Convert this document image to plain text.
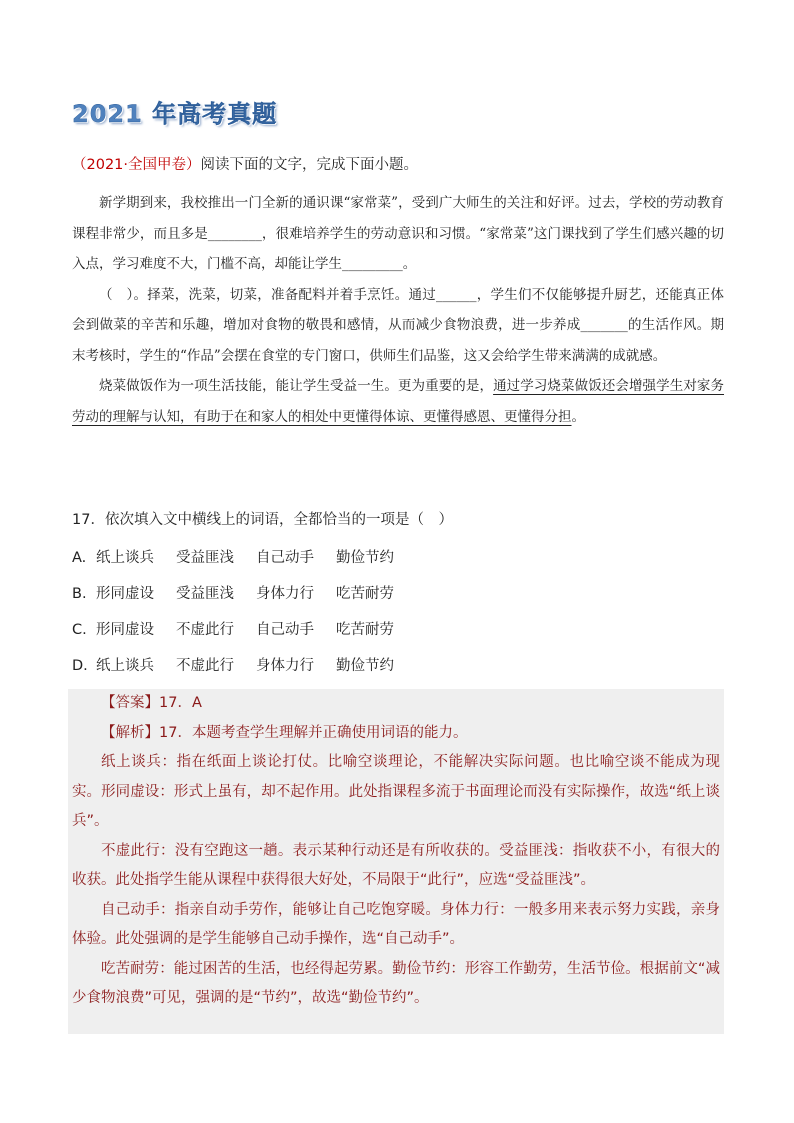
2021 年高考真题
（2021·全国甲卷）阅读下面的文字，完成下面小题。

新学期到来，我校推出一门全新的通识课“家常菜”，受到广大师生的关注和好评。过去，学校的劳动教育课程非常少，而且多是________，很难培养学生的劳动意识和习惯。“家常菜”这门课找到了学生们感兴趣的切入点，学习难度不大，门槛不高，却能让学生_________。

（　）。择菜，洗菜，切菜，准备配料并着手烹饪。通过______，学生们不仅能够提升厨艺，还能真正体会到做菜的辛苦和乐趣，增加对食物的敬畏和感情，从而减少食物浪费，进一步养成_______的生活作风。期末考核时，学生的“作品”会摆在食堂的专门窗口，供师生们品鉴，这又会给学生带来满满的成就感。

烧菜做饭作为一项生活技能，能让学生受益一生。更为重要的是，通过学习烧菜做饭还会增强学生对家务劳动的理解与认知，有助于在和家人的相处中更懂得体谅、更懂得感恩、更懂得分担。

17．依次填入文中横线上的词语，全都恰当的一项是（　）
A. 纸上谈兵 受益匪浅 自己动手 勤俭节约
B. 形同虚设 受益匪浅 身体力行 吃苦耐劳
C. 形同虚设 不虚此行 自己动手 吃苦耐劳
D. 纸上谈兵 不虚此行 身体力行 勤俭节约

【答案】17．A

【解析】17．本题考查学生理解并正确使用词语的能力。

纸上谈兵：指在纸面上谈论打仗。比喻空谈理论，不能解决实际问题。也比喻空谈不能成为现实。形同虚设：形式上虽有，却不起作用。此处指课程多流于书面理论而没有实际操作，故选“纸上谈兵”。

不虚此行：没有空跑这一趟。表示某种行动还是有所收获的。受益匪浅：指收获不小，有很大的收获。此处指学生能从课程中获得很大好处，不局限于“此行”，应选“受益匪浅”。

自己动手：指亲自动手劳作，能够让自己吃饱穿暖。身体力行：一般多用来表示努力实践，亲身体验。此处强调的是学生能够自己动手操作，选“自己动手”。

吃苦耐劳：能过困苦的生活，也经得起劳累。勤俭节约：形容工作勤劳，生活节俭。根据前文“减少食物浪费”可见，强调的是“节约”，故选“勤俭节约”。
